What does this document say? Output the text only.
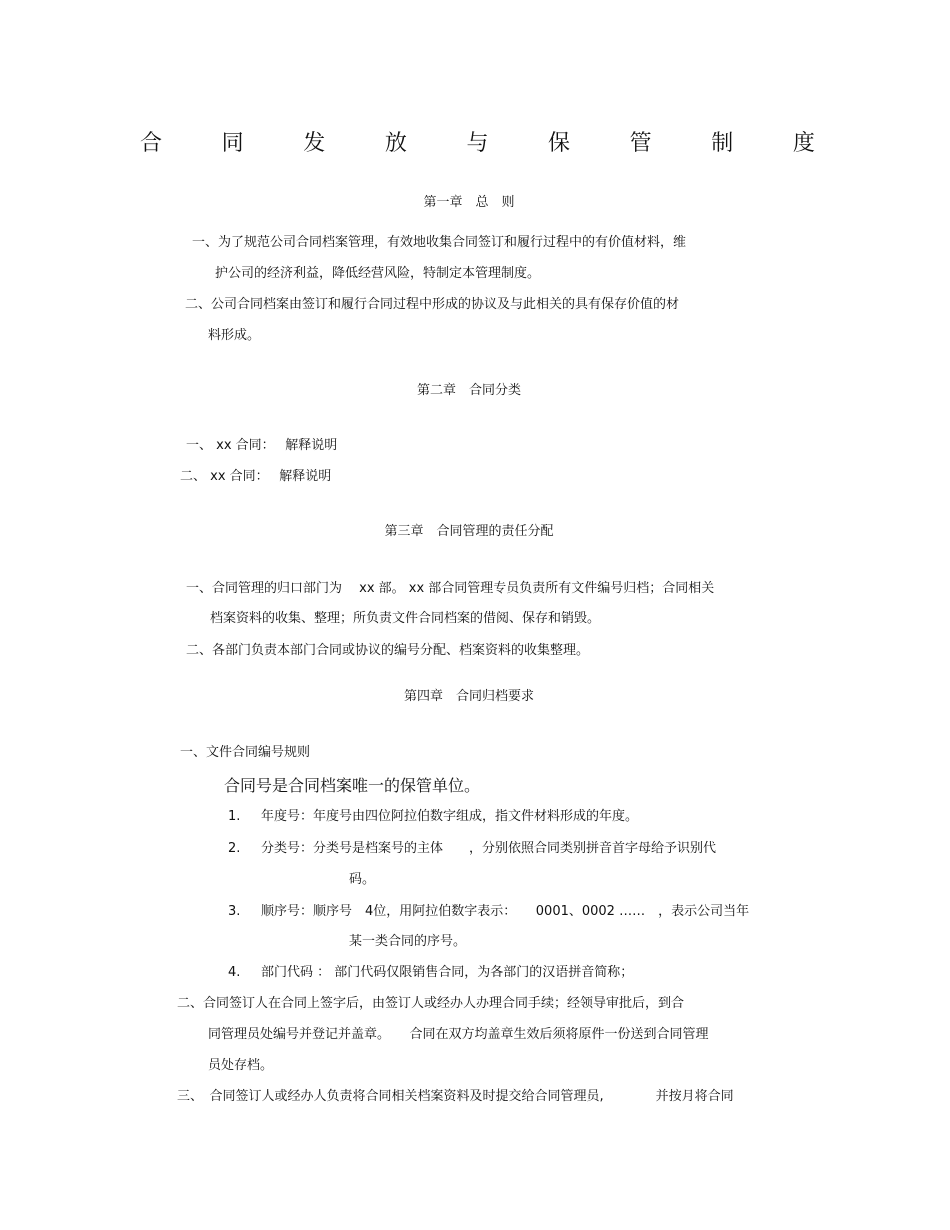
合	同	发	放	与	保	管	制	度
第一章　总　则
一、为了规范公司合同档案管理，有效地收集合同签订和履行过程中的有价值材料，维
护公司的经济利益，降低经营风险，特制定本管理制度。
二、公司合同档案由签订和履行合同过程中形成的协议及与此相关的具有保存价值的材
料形成。
第二章　合同分类
一、 xx 合同：　 解释说明
二、 xx 合同：　 解释说明
第三章　合同管理的责任分配
一、合同管理的归口部门为　 xx 部。 xx 部合同管理专员负责所有文件编号归档；合同相关
档案资料的收集、整理；所负责文件合同档案的借阅、保存和销毁。
二、各部门负责本部门合同或协议的编号分配、档案资料的收集整理。
第四章　合同归档要求
一、文件合同编号规则
合同号是合同档案唯一的保管单位。
1. 年度号：年度号由四位阿拉伯数字组成，指文件材料形成的年度。
2. 分类号：分类号是档案号的主体　　，分别依照合同类别拼音首字母给予识别代
码。
3. 顺序号：顺序号　4位，用阿拉伯数字表示：　　0001、0002 ……　，表示公司当年
某一类合同的序号。
4. 部门代码 ： 部门代码仅限销售合同，为各部门的汉语拼音简称；
二、合同签订人在合同上签字后，由签订人或经办人办理合同手续；经领导审批后，到合
同管理员处编号并登记并盖章。　　合同在双方均盖章生效后须将原件一份送到合同管理
员处存档。
三、　合同签订人或经办人负责将合同相关档案资料及时提交给合同管理员,　　　　并按月将合同
